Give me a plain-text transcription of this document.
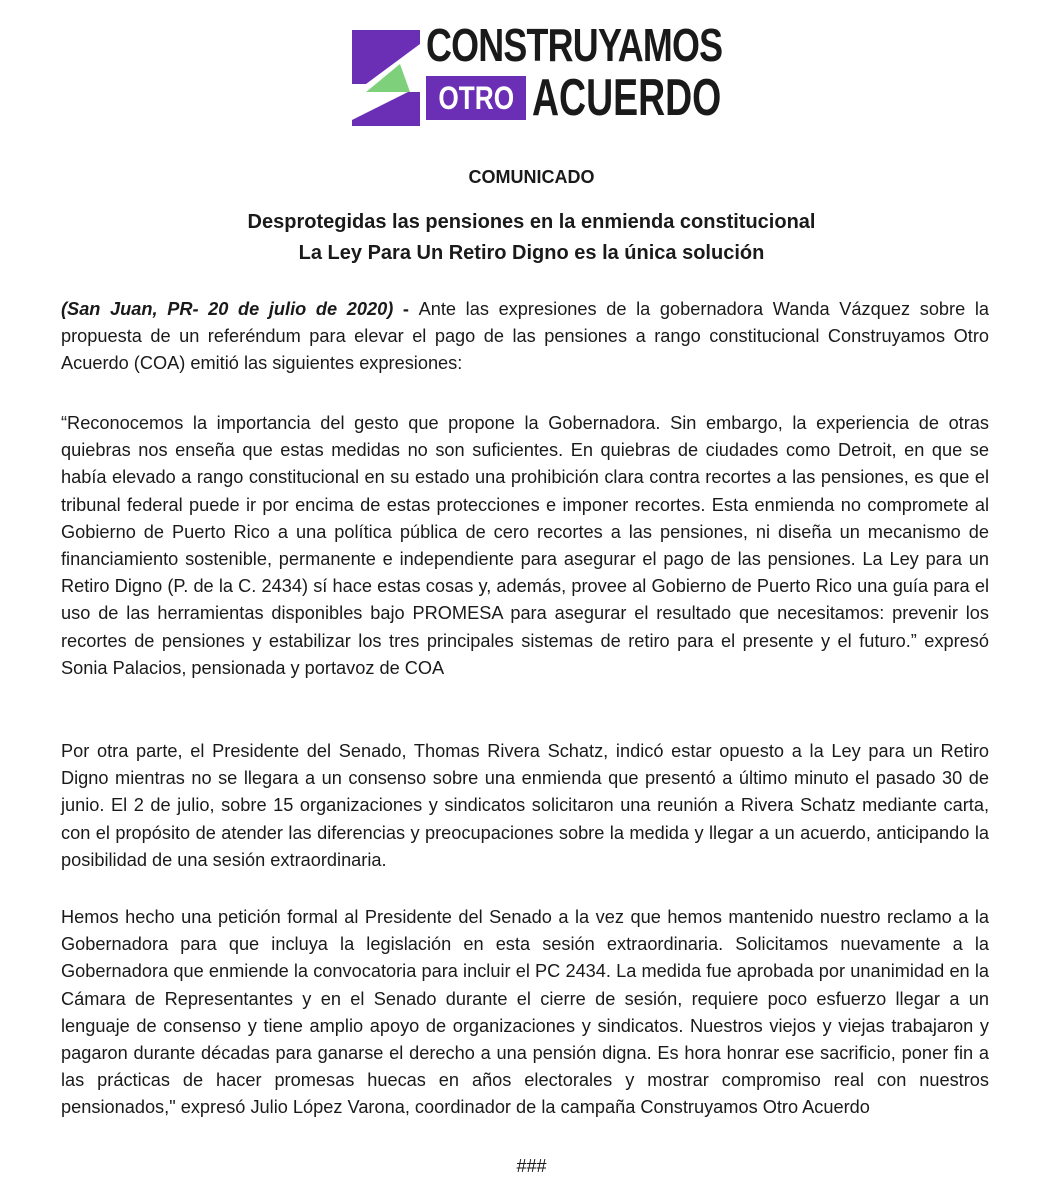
CONSTRUYAMOS
OTRO ACUERDO
COMUNICADO
Desprotegidas las pensiones en la enmienda constitucional
La Ley Para Un Retiro Digno es la única solución
(San Juan, PR- 20 de julio de 2020) - Ante las expresiones de la gobernadora Wanda Vázquez sobre la propuesta de un referéndum para elevar el pago de las pensiones a rango constitucional Construyamos Otro Acuerdo (COA) emitió las siguientes expresiones:
“Reconocemos la importancia del gesto que propone la Gobernadora. Sin embargo, la experiencia de otras quiebras nos enseña que estas medidas no son suficientes. En quiebras de ciudades como Detroit, en que se había elevado a rango constitucional en su estado una prohibición clara contra recortes a las pensiones, es que el tribunal federal puede ir por encima de estas protecciones e imponer recortes. Esta enmienda no compromete al Gobierno de Puerto Rico a una política pública de cero recortes a las pensiones, ni diseña un mecanismo de financiamiento sostenible, permanente e independiente para asegurar el pago de las pensiones. La Ley para un Retiro Digno (P. de la C. 2434) sí hace estas cosas y, además, provee al Gobierno de Puerto Rico una guía para el uso de las herramientas disponibles bajo PROMESA para asegurar el resultado que necesitamos: prevenir los recortes de pensiones y estabilizar los tres principales sistemas de retiro para el presente y el futuro.” expresó Sonia Palacios, pensionada y portavoz de COA
Por otra parte, el Presidente del Senado, Thomas Rivera Schatz, indicó estar opuesto a la Ley para un Retiro Digno mientras no se llegara a un consenso sobre una enmienda que presentó a último minuto el pasado 30 de junio. El 2 de julio, sobre 15 organizaciones y sindicatos solicitaron una reunión a Rivera Schatz mediante carta, con el propósito de atender las diferencias y preocupaciones sobre la medida y llegar a un acuerdo, anticipando la posibilidad de una sesión extraordinaria.
Hemos hecho una petición formal al Presidente del Senado a la vez que hemos mantenido nuestro reclamo a la Gobernadora para que incluya la legislación en esta sesión extraordinaria. Solicitamos nuevamente a la Gobernadora que enmiende la convocatoria para incluir el PC 2434. La medida fue aprobada por unanimidad en la Cámara de Representantes y en el Senado durante el cierre de sesión, requiere poco esfuerzo llegar a un lenguaje de consenso y tiene amplio apoyo de organizaciones y sindicatos. Nuestros viejos y viejas trabajaron y pagaron durante décadas para ganarse el derecho a una pensión digna. Es hora honrar ese sacrificio, poner fin a las prácticas de hacer promesas huecas en años electorales y mostrar compromiso real con nuestros pensionados," expresó Julio López Varona, coordinador de la campaña Construyamos Otro Acuerdo
###
